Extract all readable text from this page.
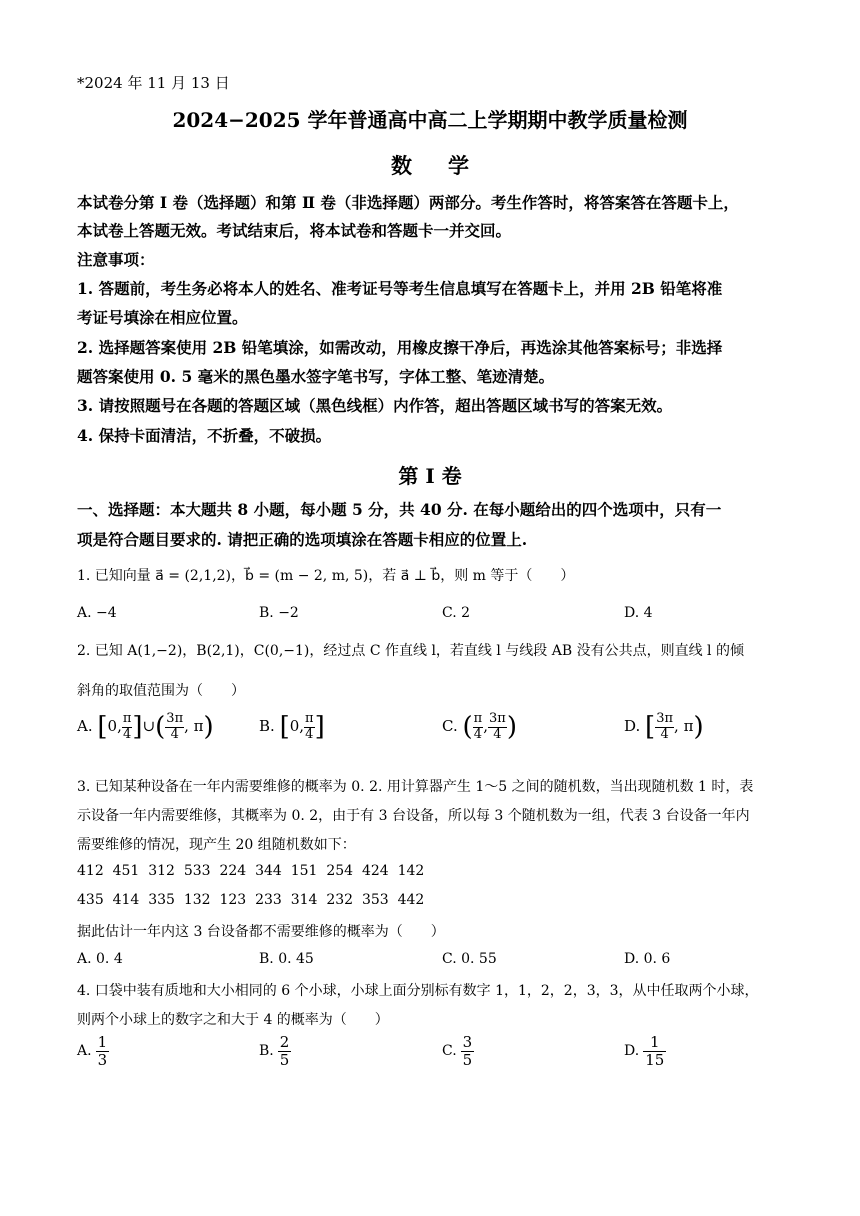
*2024 年 11 月 13 日
2024−2025 学年普通高中高二上学期期中教学质量检测
数学
本试卷分第 Ⅰ 卷（选择题）和第 Ⅱ 卷（非选择题）两部分。考生作答时，将答案答在答题卡上，
本试卷上答题无效。考试结束后，将本试卷和答题卡一并交回。
注意事项：
1. 答题前，考生务必将本人的姓名、准考证号等考生信息填写在答题卡上，并用 2B 铅笔将准
考证号填涂在相应位置。
2. 选择题答案使用 2B 铅笔填涂，如需改动，用橡皮擦干净后，再选涂其他答案标号；非选择
题答案使用 0. 5 毫米的黑色墨水签字笔书写，字体工整、笔迹清楚。
3. 请按照题号在各题的答题区域（黑色线框）内作答，超出答题区域书写的答案无效。
4. 保持卡面清洁，不折叠，不破损。
第 Ⅰ 卷
一、选择题：本大题共 8 小题，每小题 5 分，共 40 分. 在每小题给出的四个选项中，只有一
项是符合题目要求的. 请把正确的选项填涂在答题卡相应的位置上.
1. 已知向量 a⃗ = (2,1,2)，b⃗ = (m − 2, m, 5)，若 a⃗ ⊥ b⃗，则 m 等于（　　）
A. −4	B. −2	C. 2	D. 4
2. 已知 A(1,−2)，B(2,1)，C(0,−1)，经过点 C 作直线 l，若直线 l 与线段 AB 没有公共点，则直线 l 的倾
斜角的取值范围为（　　）
A. [0, $\frac{\pi}{4}$ ]∪( $\frac{3\pi}{4}$ , π)	B. [0, $\frac{\pi}{4}$ ]	C. ( $\frac{\pi}{4}$ , $\frac{3\pi}{4}$ )	D. [ $\frac{3\pi}{4}$ , π)
3. 已知某种设备在一年内需要维修的概率为 0. 2. 用计算器产生 1～5 之间的随机数，当出现随机数 1 时，表
示设备一年内需要维修，其概率为 0. 2，由于有 3 台设备，所以每 3 个随机数为一组，代表 3 台设备一年内
需要维修的情况，现产生 20 组随机数如下：
412  451  312  533  224  344  151  254  424  142
435  414  335  132  123  233  314  232  353  442
据此估计一年内这 3 台设备都不需要维修的概率为（　　）
A. 0. 4	B. 0. 45	C. 0. 55	D. 0. 6
4. 口袋中装有质地和大小相同的 6 个小球，小球上面分别标有数字 1，1，2，2，3，3，从中任取两个小球，
则两个小球上的数字之和大于 4 的概率为（　　）
A. $\frac{1}{3}$	B. $\frac{2}{5}$	C. $\frac{3}{5}$	D. $\frac{1}{15}$
